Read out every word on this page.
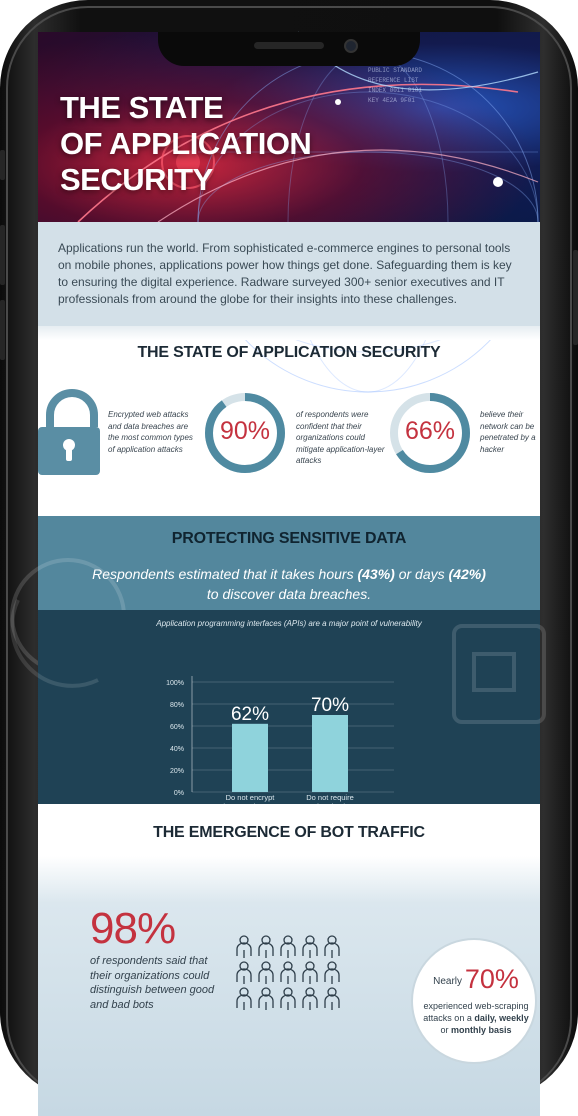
PUBLIC STANDARD
REFERENCE LIST
INDEX 0011 0101
KEY 4E2A 9F01
THE STATE
OF APPLICATION
SECURITY
Applications run the world. From sophisticated e-commerce engines to personal tools on mobile phones, applications power how things get done. Safeguarding them is key to ensuring the digital experience. Radware surveyed 300+ senior executives and IT professionals from around the globe for their insights into these challenges.
THE STATE OF APPLICATION SECURITY
Encrypted web attacks and data breaches are the most common types of application attacks
90%
of respondents were confident that their organizations could mitigate application-layer attacks
66%
believe their network can be penetrated by a hacker
PROTECTING SENSITIVE DATA
Respondents estimated that it takes hours (43%) or days (42%)
to discover data breaches.
Application programming interfaces (APIs) are a major point of vulnerability
100%
80%
60%
40%
20%
0%
62%
Do not encrypt
70%
Do not require
THE EMERGENCE OF BOT TRAFFIC
98%
of respondents said that their organizations could distinguish between good and bad bots
Nearly 70%
experienced web-scraping attacks on a daily, weekly or monthly basis
